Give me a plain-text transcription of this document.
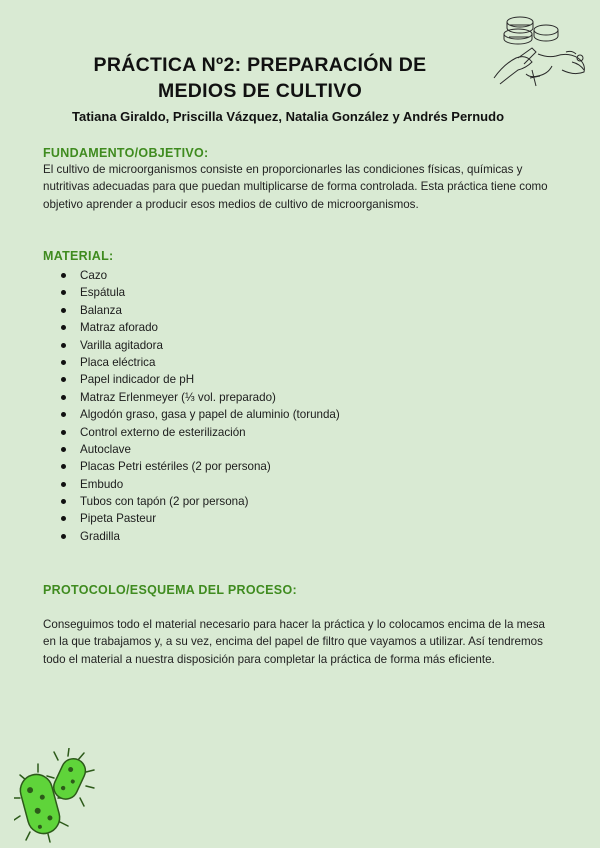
PRÁCTICA Nº2: PREPARACIÓN DE
MEDIOS DE CULTIVO
Tatiana Giraldo, Priscilla Vázquez, Natalia González y Andrés Pernudo
FUNDAMENTO/OBJETIVO:
El cultivo de microorganismos consiste en proporcionarles las condiciones físicas, químicas y nutritivas adecuadas para que puedan multiplicarse de forma controlada. Esta práctica tiene como objetivo aprender a producir esos medios de cultivo de microorganismos.
MATERIAL:
Cazo
Espátula
Balanza
Matraz aforado
Varilla agitadora
Placa eléctrica
Papel indicador de pH
Matraz Erlenmeyer (⅓ vol. preparado)
Algodón graso, gasa y papel de aluminio (torunda)
Control externo de esterilización
Autoclave
Placas Petri estériles (2 por persona)
Embudo
Tubos con tapón (2 por persona)
Pipeta Pasteur
Gradilla
PROTOCOLO/ESQUEMA DEL PROCESO:
Conseguimos todo el material necesario para hacer la práctica y lo colocamos encima de la mesa en la que trabajamos y, a su vez, encima del papel de filtro que vayamos a utilizar. Así tendremos todo el material a nuestra disposición para completar la práctica de forma más eficiente.
